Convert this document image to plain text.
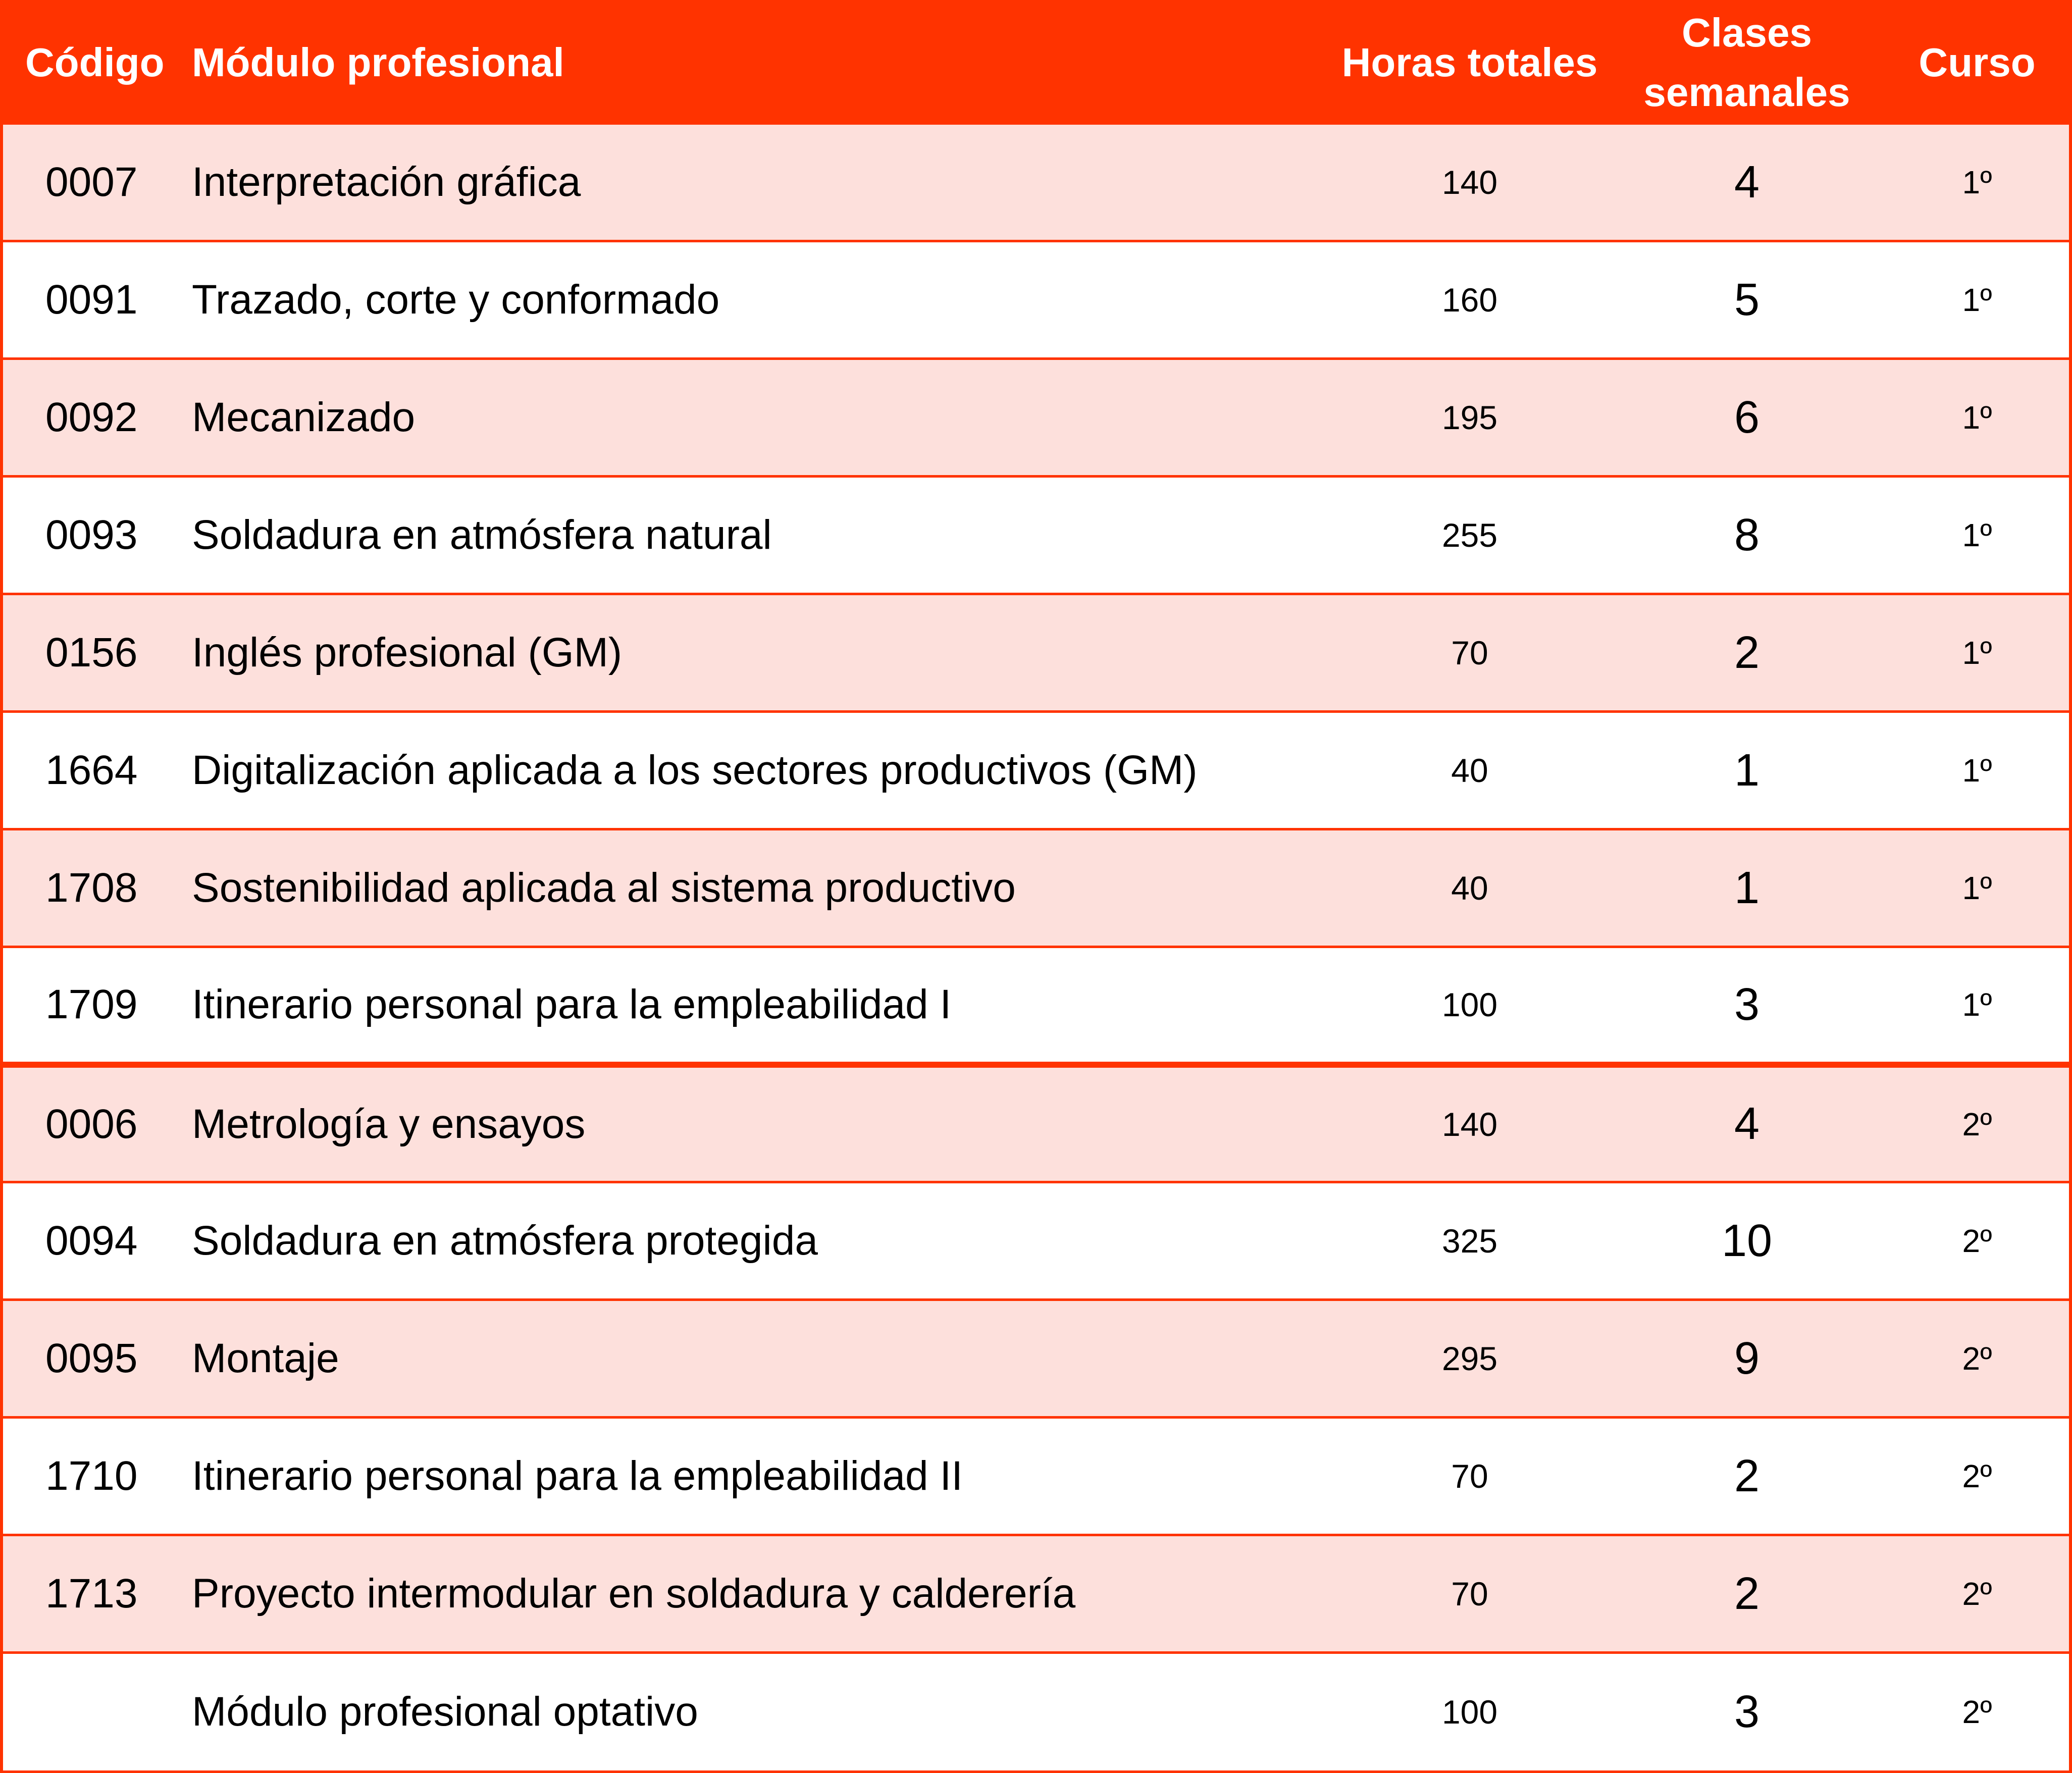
Código	Módulo profesional	Horas totales	Clases semanales	Curso
0007	Interpretación gráfica	140	4	1º
0091	Trazado, corte y conformado	160	5	1º
0092	Mecanizado	195	6	1º
0093	Soldadura en atmósfera natural	255	8	1º
0156	Inglés profesional (GM)	70	2	1º
1664	Digitalización aplicada a los sectores productivos (GM)	40	1	1º
1708	Sostenibilidad aplicada al sistema productivo	40	1	1º
1709	Itinerario personal para la empleabilidad I	100	3	1º
0006	Metrología y ensayos	140	4	2º
0094	Soldadura en atmósfera protegida	325	10	2º
0095	Montaje	295	9	2º
1710	Itinerario personal para la empleabilidad II	70	2	2º
1713	Proyecto intermodular en soldadura y calderería	70	2	2º
	Módulo profesional optativo	100	3	2º
